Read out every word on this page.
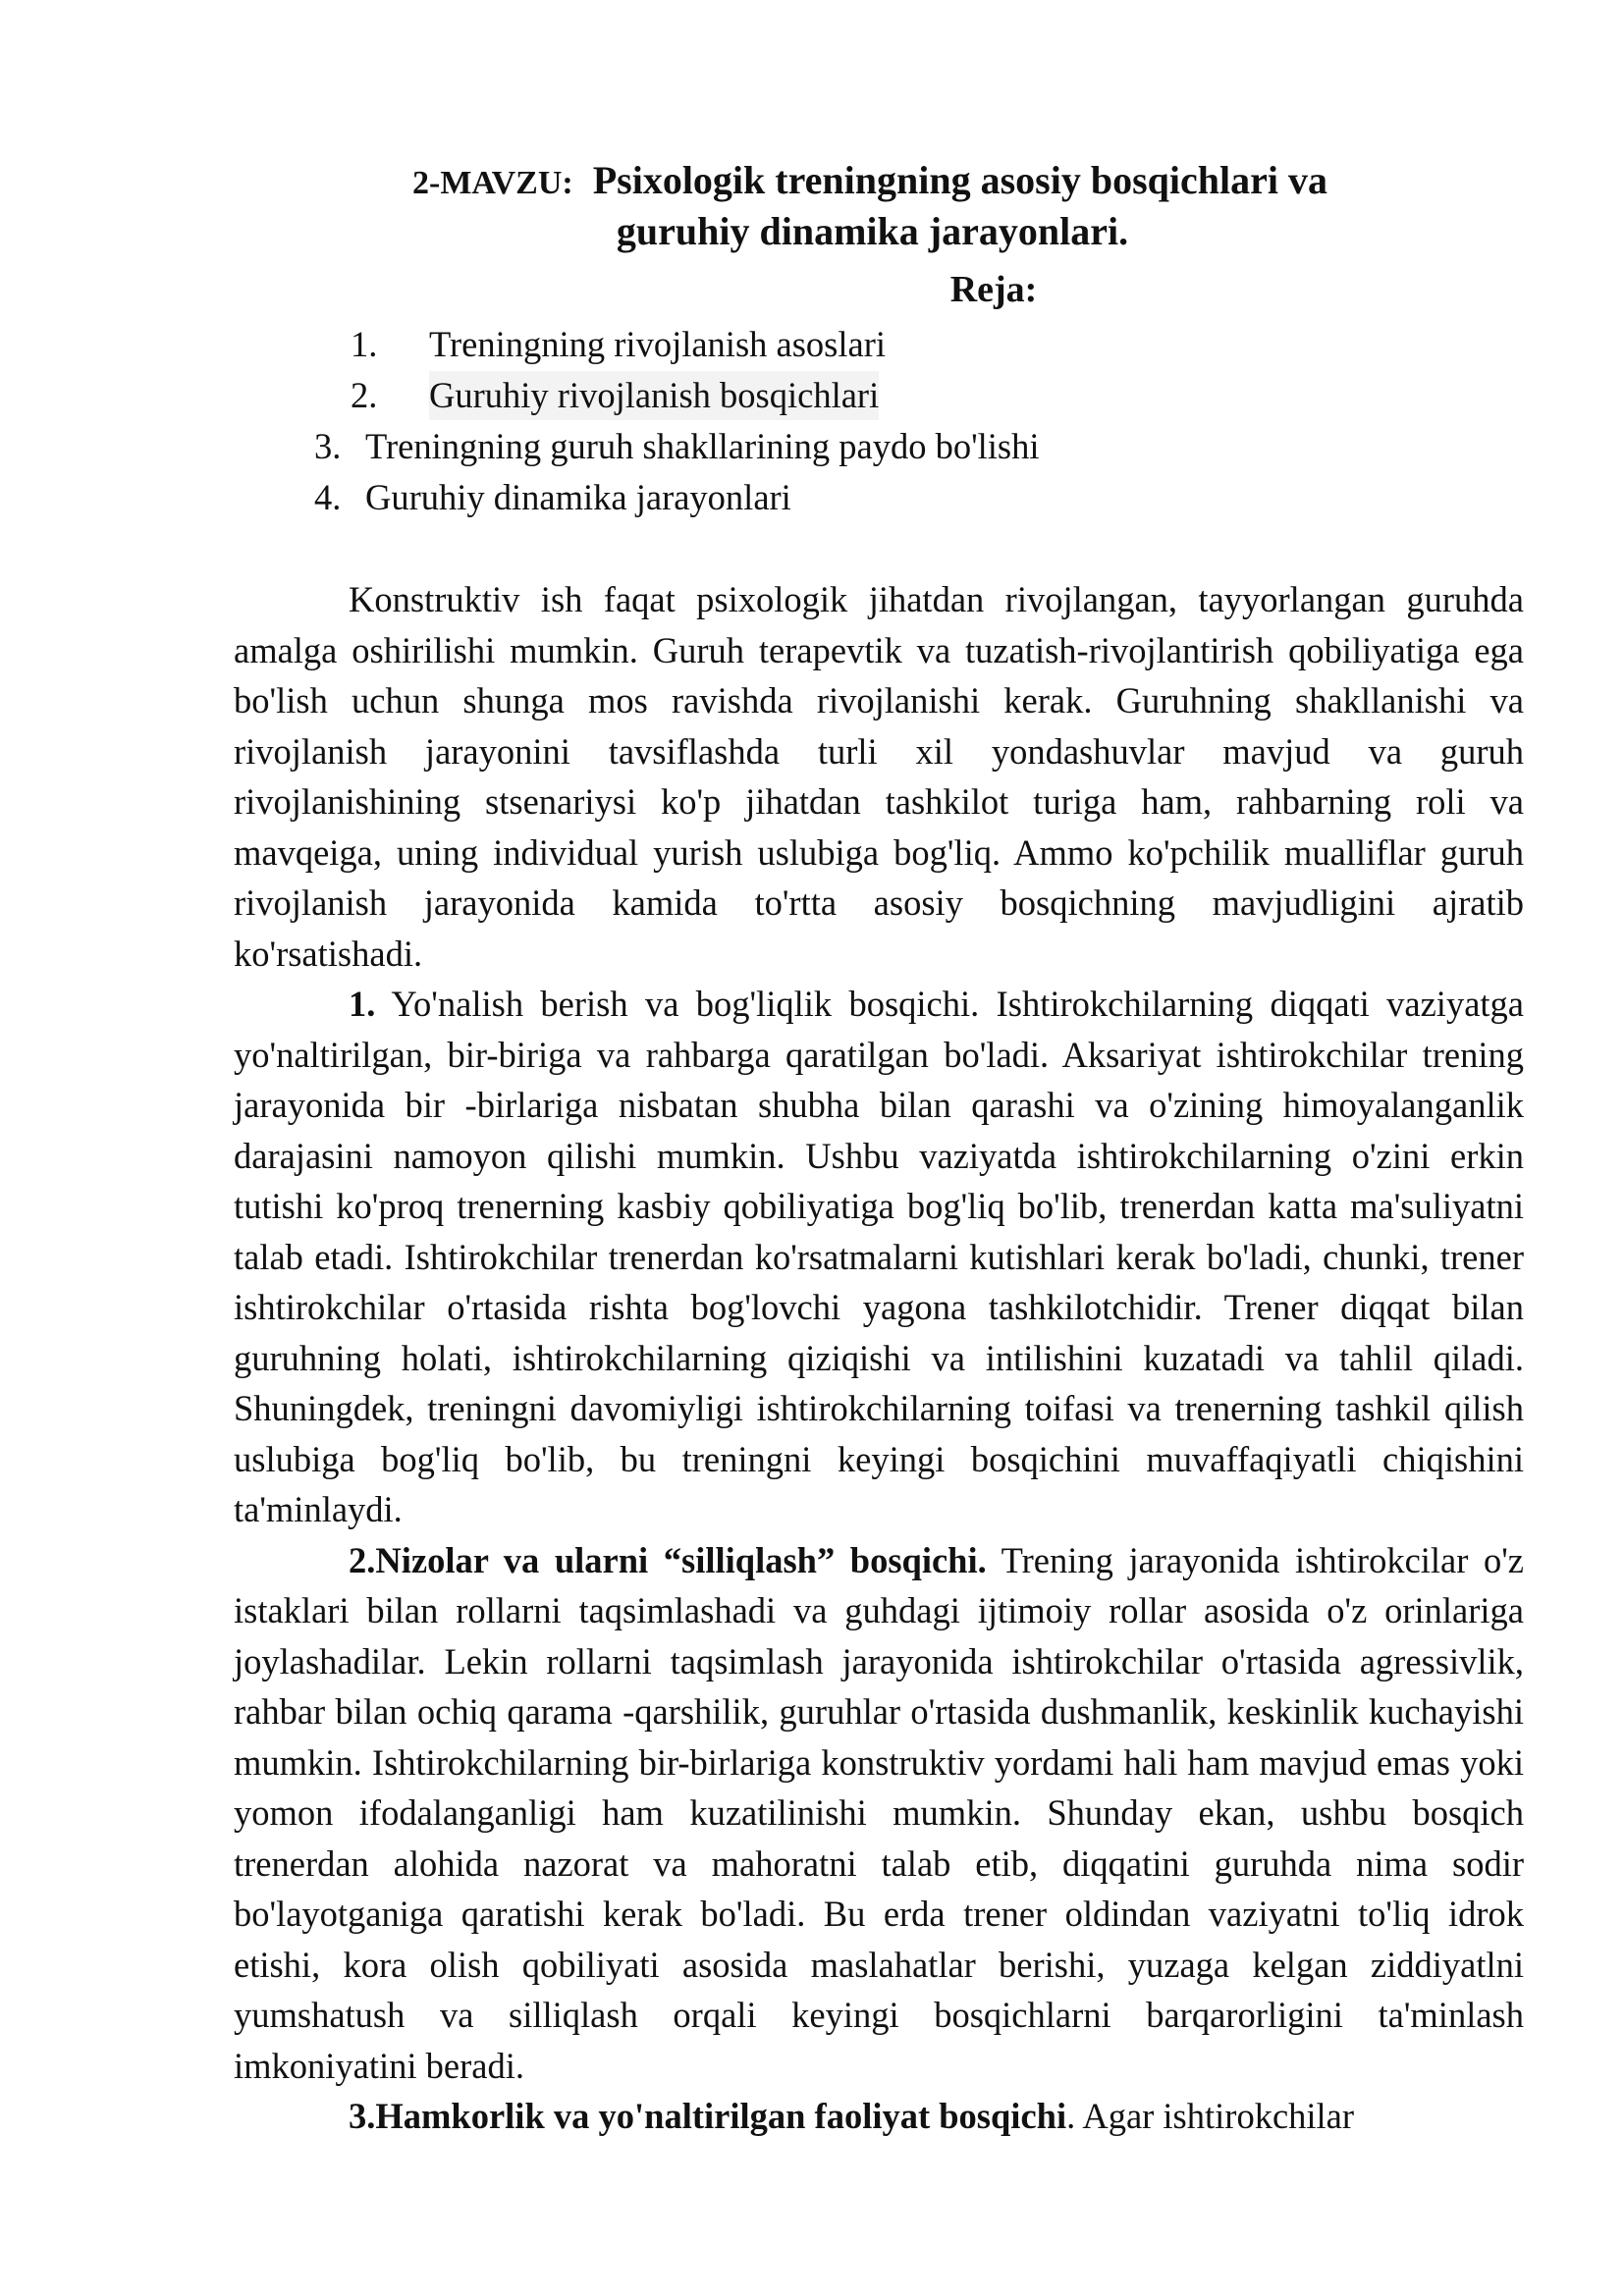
2-MAVZU: Psixologik treningning asosiy bosqichlari va
guruhiy dinamika jarayonlari.
Reja:
1. Treningning rivojlanish asoslari
2. Guruhiy rivojlanish bosqichlari
3. Treningning guruh shakllarining paydo bo'lishi
4. Guruhiy dinamika jarayonlari

Konstruktiv ish faqat psixologik jihatdan rivojlangan, tayyorlangan guruhda amalga oshirilishi mumkin. Guruh terapevtik va tuzatish-rivojlantirish qobiliyatiga ega bo'lish uchun shunga mos ravishda rivojlanishi kerak. Guruhning shakllanishi va rivojlanish jarayonini tavsiflashda turli xil yondashuvlar mavjud va guruh rivojlanishining stsenariysi ko'p jihatdan tashkilot turiga ham, rahbarning roli va mavqeiga, uning individual yurish uslubiga bog'liq. Ammo ko'pchilik mualliflar guruh rivojlanish jarayonida kamida to'rtta asosiy bosqichning mavjudligini ajratib ko'rsatishadi.

1. Yo'nalish berish va bog'liqlik bosqichi. Ishtirokchilarning diqqati vaziyatga yo'naltirilgan, bir-biriga va rahbarga qaratilgan bo'ladi. Aksariyat ishtirokchilar trening jarayonida bir -birlariga nisbatan shubha bilan qarashi va o'zining himoyalanganlik darajasini namoyon qilishi mumkin. Ushbu vaziyatda ishtirokchilarning o'zini erkin tutishi ko'proq trenerning kasbiy qobiliyatiga bog'liq bo'lib, trenerdan katta ma'suliyatni talab etadi. Ishtirokchilar trenerdan ko'rsatmalarni kutishlari kerak bo'ladi, chunki, trener ishtirokchilar o'rtasida rishta bog'lovchi yagona tashkilotchidir. Trener diqqat bilan guruhning holati, ishtirokchilarning qiziqishi va intilishini kuzatadi va tahlil qiladi. Shuningdek, treningni davomiyligi ishtirokchilarning toifasi va trenerning tashkil qilish uslubiga bog'liq bo'lib, bu treningni keyingi bosqichini muvaffaqiyatli chiqishini ta'minlaydi.

2.Nizolar va ularni “silliqlash” bosqichi. Trening jarayonida ishtirokcilar o'z istaklari bilan rollarni taqsimlashadi va guhdagi ijtimoiy rollar asosida o'z orinlariga joylashadilar. Lekin rollarni taqsimlash jarayonida ishtirokchilar o'rtasida agressivlik, rahbar bilan ochiq qarama -qarshilik, guruhlar o'rtasida dushmanlik, keskinlik kuchayishi mumkin. Ishtirokchilarning bir-birlariga konstruktiv yordami hali ham mavjud emas yoki yomon ifodalanganligi ham kuzatilinishi mumkin. Shunday ekan, ushbu bosqich trenerdan alohida nazorat va mahoratni talab etib, diqqatini guruhda nima sodir bo'layotganiga qaratishi kerak bo'ladi. Bu erda trener oldindan vaziyatni to'liq idrok etishi, kora olish qobiliyati asosida maslahatlar berishi, yuzaga kelgan ziddiyatlni yumshatush va silliqlash orqali keyingi bosqichlarni barqarorligini ta'minlash imkoniyatini beradi.

3.Hamkorlik va yo'naltirilgan faoliyat bosqichi. Agar ishtirokchilar
